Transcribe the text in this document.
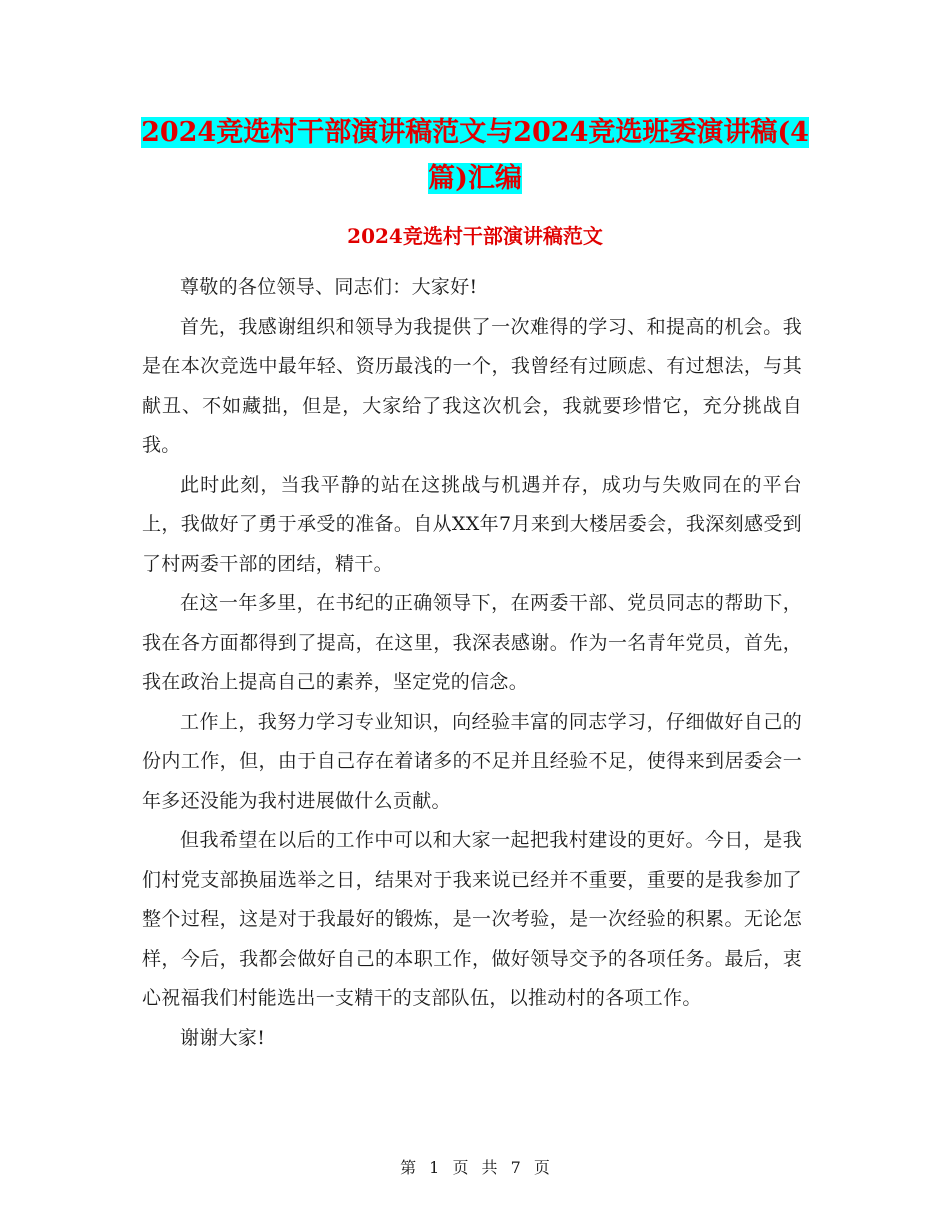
2024竞选村干部演讲稿范文与2024竞选班委演讲稿(4篇)汇编
2024竞选村干部演讲稿范文

尊敬的各位领导、同志们：大家好!

首先，我感谢组织和领导为我提供了一次难得的学习、和提高的机会。我是在本次竞选中最年轻、资历最浅的一个，我曾经有过顾虑、有过想法，与其献丑、不如藏拙，但是，大家给了我这次机会，我就要珍惜它，充分挑战自我。

此时此刻，当我平静的站在这挑战与机遇并存，成功与失败同在的平台上，我做好了勇于承受的准备。自从XX年7月来到大楼居委会，我深刻感受到了村两委干部的团结，精干。

在这一年多里，在书纪的正确领导下，在两委干部、党员同志的帮助下，我在各方面都得到了提高，在这里，我深表感谢。作为一名青年党员，首先，我在政治上提高自己的素养，坚定党的信念。

工作上，我努力学习专业知识，向经验丰富的同志学习，仔细做好自己的份内工作，但，由于自己存在着诸多的不足并且经验不足，使得来到居委会一年多还没能为我村进展做什么贡献。

但我希望在以后的工作中可以和大家一起把我村建设的更好。今日，是我们村党支部换届选举之日，结果对于我来说已经并不重要，重要的是我参加了整个过程，这是对于我最好的锻炼，是一次考验，是一次经验的积累。无论怎样，今后，我都会做好自己的本职工作，做好领导交予的各项任务。最后，衷心祝福我们村能选出一支精干的支部队伍，以推动村的各项工作。

谢谢大家!

第 1 页 共 7 页
